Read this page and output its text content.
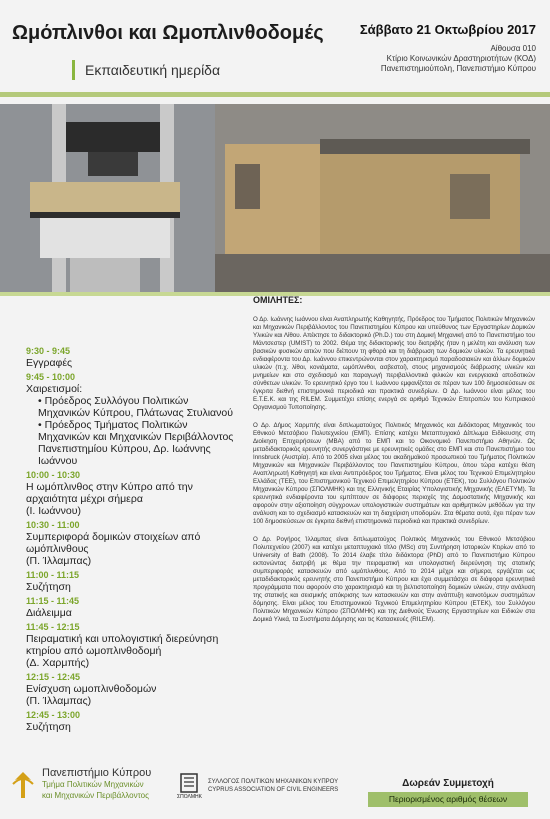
Ωμόπλινθοι και Ωμοπλινθοδομές
Εκπαιδευτική ημερίδα
Σάββατο 21 Οκτωβρίου 2017
Αίθουσα 010
Κτίριο Κοινωνικών Δραστηριοτήτων (ΚΟΔ)
Πανεπιστημιούπολη, Πανεπιστήμιο Κύπρου
9:30 - 9:45
Εγγραφές
9:45 - 10:00
Χαιρετισμοί:
• Πρόεδρος Συλλόγου Πολιτικών Μηχανικών Κύπρου, Πλάτωνας Στυλιανού
• Πρόεδρος Τμήματος Πολιτικών Μηχανικών και Μηχανικών Περιβάλλοντος Πανεπιστημίου Κύπρου, Δρ. Ιωάννης Ιωάννου
10:00 - 10:30
Η ωμόπλινθος στην Κύπρο από την αρχαιότητα μέχρι σήμερα
(Ι. Ιωάννου)
10:30 - 11:00
Συμπεριφορά δομικών στοιχείων από ωμόπλινθους
(Π. Ίλλαμπας)
11:00 - 11:15
Συζήτηση
11:15 - 11:45
Διάλειμμα
11:45 - 12:15
Πειραματική και υπολογιστική διερεύνηση κτηρίου από ωμοπλινθοδομή
(Δ. Χαρμπής)
12:15 - 12:45
Ενίσχυση ωμοπλινθοδομών
(Π. Ίλλαμπας)
12:45 - 13:00
Συζήτηση
ΟΜΙΛΗΤΕΣ:
Ο Δρ. Ιωάννης Ιωάννου είναι Αναπληρωτής Καθηγητής, Πρόεδρος του Τμήματος Πολιτικών Μηχανικών και Μηχανικών Περιβάλλοντος του Πανεπιστημίου Κύπρου και υπεύθυνος των Εργαστηρίων Δομικών Υλικών και Λίθου. Απέκτησε το διδακτορικό (Ph.D.) του στη Δομική Μηχανική από το Πανεπιστήμιο του Μάντσεστερ (UMIST) το 2002. Θέμα της διδακτορικής του διατριβής ήταν η μελέτη και ανάλυση των βασικών φυσικών αιτιών που διέπουν τη φθορά και τη διάβρωση των δομικών υλικών. Τα ερευνητικά ενδιαφέροντα του Δρ. Ιωάννου επικεντρώνονται στον χαρακτηρισμό παραδοσιακών και άλλων δομικών υλικών (π.χ. λίθοι, κονιάματα, ωμόπλινθοι, ασβεστοί), στους μηχανισμούς διάβρωσης υλικών και μνημείων και στο σχεδιασμό και παραγωγή περιβαλλοντικά φιλικών και ενεργειακά αποδοτικών σύνθετων υλικών. Το ερευνητικό έργο του Ι. Ιωάννου εμφανίζεται σε πέραν των 100 δημοσιεύσεων σε έγκριτα διεθνή επιστημονικά περιοδικά και πρακτικά συνεδρίων. Ο Δρ. Ιωάννου είναι μέλος του Ε.Τ.Ε.Κ. και της RILEM. Συμμετέχει επίσης ενεργά σε αριθμό Τεχνικών Επιτροπών του Κυπριακού Οργανισμού Τυποποίησης.
Ο Δρ. Δήμος Χαρμπής είναι διπλωματούχος Πολιτικός Μηχανικός και Διδάκτορας Μηχανικός του Εθνικού Μετσόβιου Πολυτεχνείου (ΕΜΠ). Επίσης κατέχει Μεταπτυχιακό Δίπλωμα Ειδίκευσης στη Διοίκηση Επιχειρήσεων (MBA) από το ΕΜΠ και το Οικονομικό Πανεπιστήμιο Αθηνών. Ως μεταδιδακτορικός ερευνητής συνεργάστηκε με ερευνητικές ομάδες στο ΕΜΠ και στο Πανεπιστήμιο του Innsbruck (Αυστρία). Από το 2005 είναι μέλος του ακαδημαϊκού προσωπικού του Τμήματος Πολιτικών Μηχανικών και Μηχανικών Περιβάλλοντος του Πανεπιστημίου Κύπρου, όπου τώρα κατέχει θέση Αναπληρωτή Καθηγητή και είναι Αντιπρόεδρος του Τμήματος. Είναι μέλος του Τεχνικού Επιμελητηρίου Ελλάδας (ΤΕΕ), του Επιστημονικού Τεχνικού Επιμελητηρίου Κύπρου (ΕΤΕΚ), του Συλλόγου Πολιτικών Μηχανικών Κύπρου (ΣΠΟΛΜΗΚ) και της Ελληνικής Εταιρίας Υπολογιστικής Μηχανικής (ΕΛΕΤΥΜ). Τα ερευνητικά ενδιαφέροντα του εμπίπτουν σε διάφορες περιοχές της Δομοστατικής Μηχανικής και αφορούν στην αξιοποίηση σύγχρονων υπολογιστικών συστημάτων και αριθμητικών μεθόδων για την ανάλυση και το σχεδιασμό κατασκευών και τη διαχείριση υποδομών. Στα θέματα αυτά, έχει πέραν των 100 δημοσιεύσεων σε έγκριτα διεθνή επιστημονικά περιοδικά και πρακτικά συνεδρίων.
Ο Δρ. Ρογήρος Ίλλαμπας είναι διπλωματούχος Πολιτικός Μηχανικός του Εθνικού Μετσόβιου Πολυτεχνείου (2007) και κατέχει μεταπτυχιακό τίτλο (MSc) στη Συντήρηση Ιστορικών Κτιρίων από το University of Bath (2008). Το 2014 έλαβε τίτλο διδάκτορα (PhD) από το Πανεπιστήμιο Κύπρου εκπονώντας διατριβή με θέμα την πειραματική και υπολογιστική διερεύνηση της στατικής συμπεριφοράς κατασκευών από ωμόπλινθους. Από το 2014 μέχρι και σήμερα, εργάζεται ως μεταδιδακτορικός ερευνητής στο Πανεπιστήμιο Κύπρου και έχει συμμετάσχει σε διάφορα ερευνητικά προγράμματα που αφορούν στο χαρακτηρισμό και τη βελτιστοποίηση δομικών υλικών, στην ανάλυση της στατικής και σεισμικής απόκρισης των κατασκευών και στην ανάπτυξη καινοτόμων συστημάτων δόμησης. Είναι μέλος του Επιστημονικού Τεχνικού Επιμελητηρίου Κύπρου (ΕΤΕΚ), του Συλλόγου Πολιτικών Μηχανικών Κύπρου (ΣΠΟΛΜΗΚ) και της Διεθνούς Ένωσης Εργαστηρίων και Ειδικών στα Δομικά Υλικά, τα Συστήματα Δόμησης και τις Κατασκευές (RILEM).
Πανεπιστήμιο Κύπρου
Τμήμα Πολιτικών Μηχανικών
και Μηχανικών Περιβάλλοντος	ΣΠΟΛΜΗΚ
ΣΥΛΛΟΓΟΣ ΠΟΛΙΤΙΚΩΝ ΜΗΧΑΝΙΚΩΝ ΚΥΠΡΟΥ
CYPRUS ASSOCIATION OF CIVIL ENGINEERS
Δωρεάν Συμμετοχή
Περιορισμένος αριθμός θέσεων
